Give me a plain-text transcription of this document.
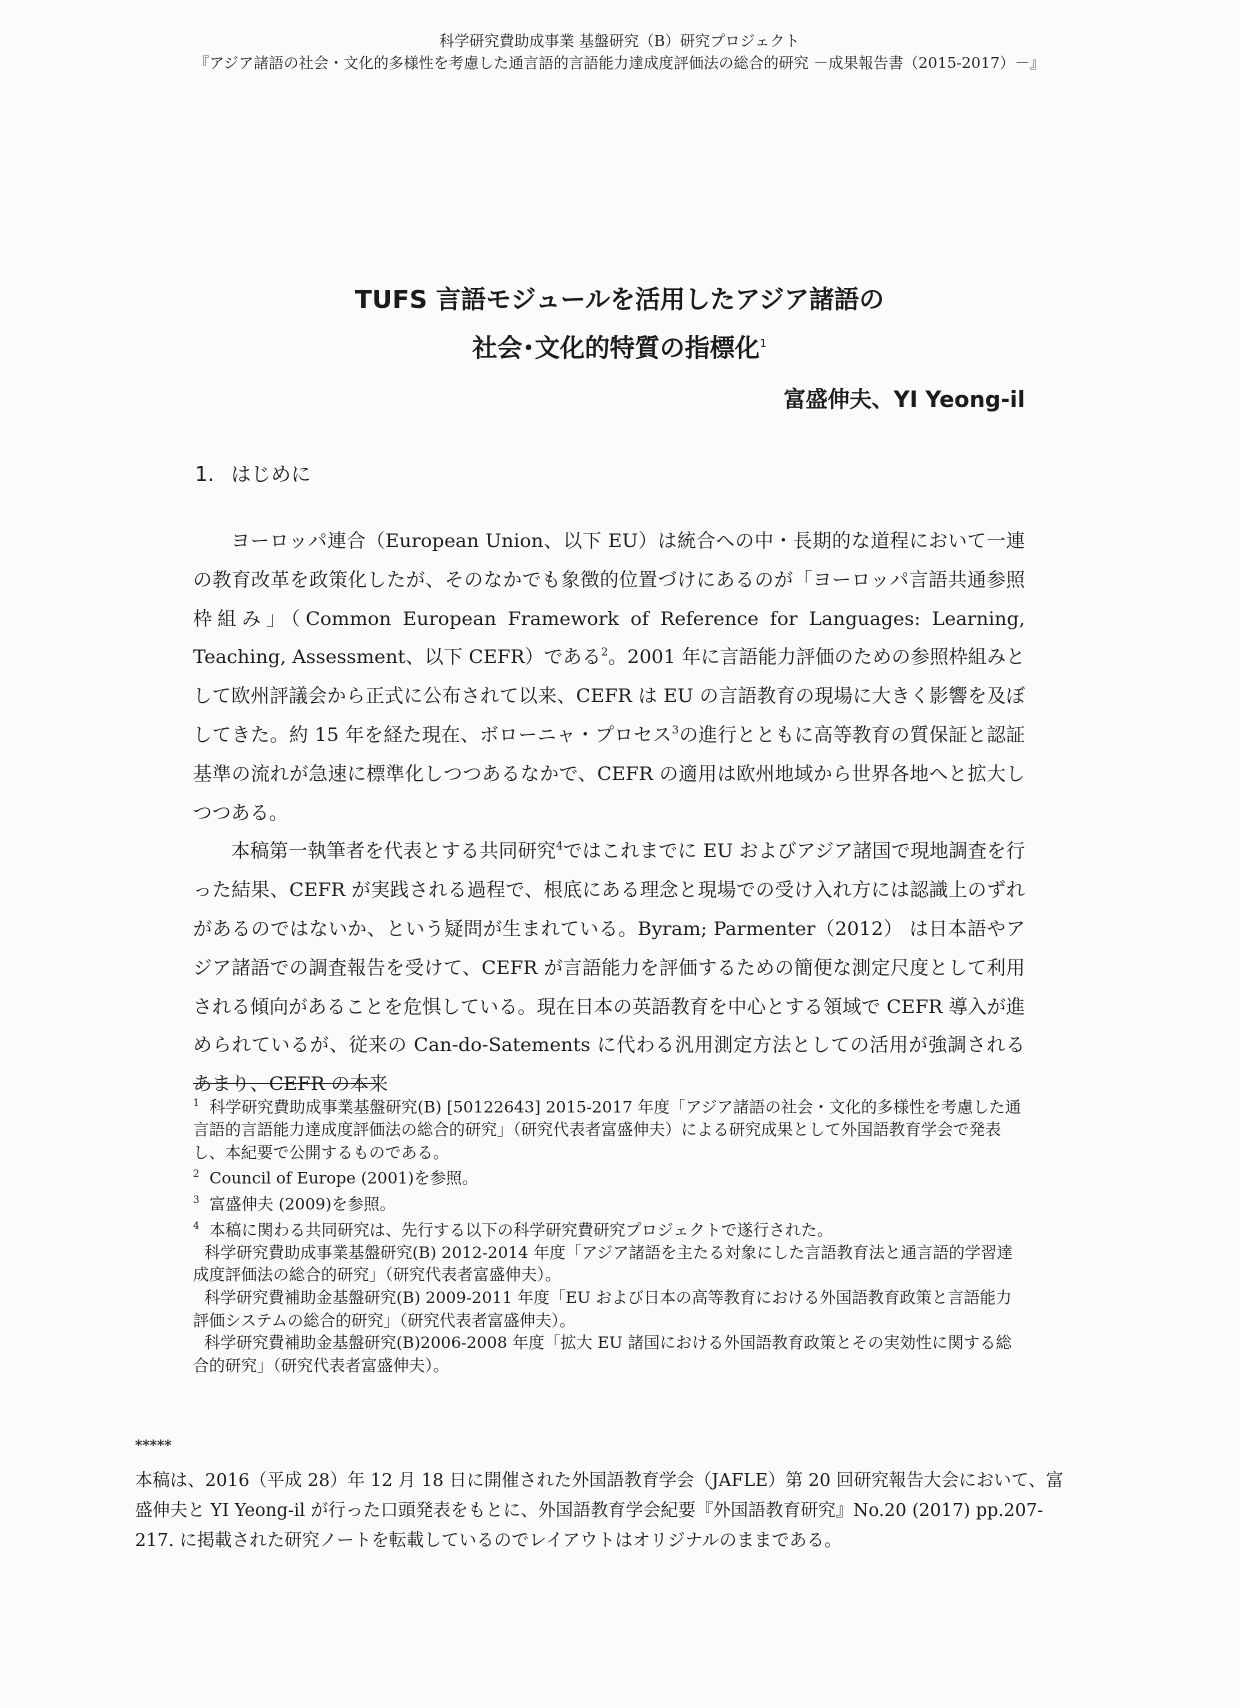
科学研究費助成事業 基盤研究（B）研究プロジェクト
『アジア諸語の社会・文化的多様性を考慮した通言語的言語能力達成度評価法の総合的研究 －成果報告書（2015-2017）－』
TUFS 言語モジュールを活用したアジア諸語の
社会･文化的特質の指標化$^1$
富盛伸夫、YI Yeong-il
1. はじめに

ヨーロッパ連合（European Union、以下 EU）は統合への中・長期的な道程において一連の教育改革を政策化したが、そのなかでも象徴的位置づけにあるのが「ヨーロッパ言語共通参照枠組み」（Common European Framework of Reference for Languages: Learning, Teaching, Assessment、以下 CEFR）である$^2$。2001 年に言語能力評価のための参照枠組みとして欧州評議会から正式に公布されて以来、CEFR は EU の言語教育の現場に大きく影響を及ぼしてきた。約 15 年を経た現在、ボローニャ・プロセス$^3$の進行とともに高等教育の質保証と認証基準の流れが急速に標準化しつつあるなかで、CEFR の適用は欧州地域から世界各地へと拡大しつつある。

本稿第一執筆者を代表とする共同研究$^4$ではこれまでに EU およびアジア諸国で現地調査を行った結果、CEFR が実践される過程で、根底にある理念と現場での受け入れ方には認識上のずれがあるのではないか、という疑問が生まれている。Byram; Parmenter（2012） は日本語やアジア諸語での調査報告を受けて、CEFR が言語能力を評価するための簡便な測定尺度として利用される傾向があることを危惧している。現在日本の英語教育を中心とする領域で CEFR 導入が進められているが、従来の Can-do-Satements に代わる汎用測定方法としての活用が強調されるあまり、CEFR の本来

$^1$ 科学研究費助成事業基盤研究(B) [50122643] 2015-2017 年度「アジア諸語の社会・文化的多様性を考慮した通言語的言語能力達成度評価法の総合的研究」（研究代表者富盛伸夫）による研究成果として外国語教育学会で発表し、本紀要で公開するものである。

$^2$ Council of Europe (2001)を参照。

$^3$ 富盛伸夫 (2009)を参照。

$^4$ 本稿に関わる共同研究は、先行する以下の科学研究費研究プロジェクトで遂行された。

科学研究費助成事業基盤研究(B) 2012-2014 年度「アジア諸語を主たる対象にした言語教育法と通言語的学習達成度評価法の総合的研究」（研究代表者富盛伸夫）。

科学研究費補助金基盤研究(B) 2009-2011 年度「EU および日本の高等教育における外国語教育政策と言語能力評価システムの総合的研究」（研究代表者富盛伸夫）。

科学研究費補助金基盤研究(B)2006-2008 年度「拡大 EU 諸国における外国語教育政策とその実効性に関する総合的研究」（研究代表者富盛伸夫）。

*****

本稿は、2016（平成 28）年 12 月 18 日に開催された外国語教育学会（JAFLE）第 20 回研究報告大会において、富盛伸夫と YI Yeong-il が行った口頭発表をもとに、外国語教育学会紀要『外国語教育研究』No.20 (2017) pp.207-217. に掲載された研究ノートを転載しているのでレイアウトはオリジナルのままである。
